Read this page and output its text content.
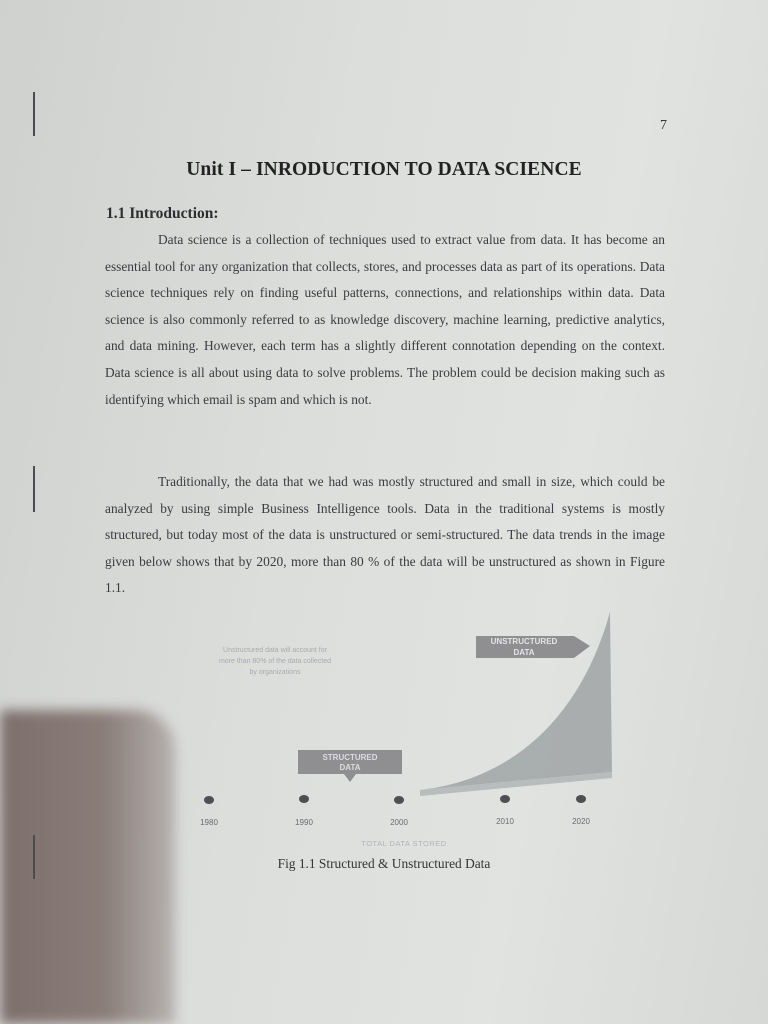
7
Unit I – INRODUCTION TO DATA SCIENCE
1.1 Introduction:

Data science is a collection of techniques used to extract value from data. It has become an essential tool for any organization that collects, stores, and processes data as part of its operations. Data science techniques rely on finding useful patterns, connections, and relationships within data. Data science is also commonly referred to as knowledge discovery, machine learning, predictive analytics, and data mining. However, each term has a slightly different connotation depending on the context. Data science is all about using data to solve problems. The problem could be decision making such as identifying which email is spam and which is not.

Traditionally, the data that we had was mostly structured and small in size, which could be analyzed by using simple Business Intelligence tools. Data in the traditional systems is mostly structured, but today most of the data is unstructured or semi-structured. The data trends in the image given below shows that by 2020, more than 80 % of the data will be unstructured as shown in Figure 1.1.

Unstructured data will account for
more than 80% of the data collected
by organizations
UNSTRUCTURED
DATA
STRUCTURED
DATA
1980	1990	2000	2010	2020
TOTAL DATA STORED
Fig 1.1 Structured & Unstructured Data
